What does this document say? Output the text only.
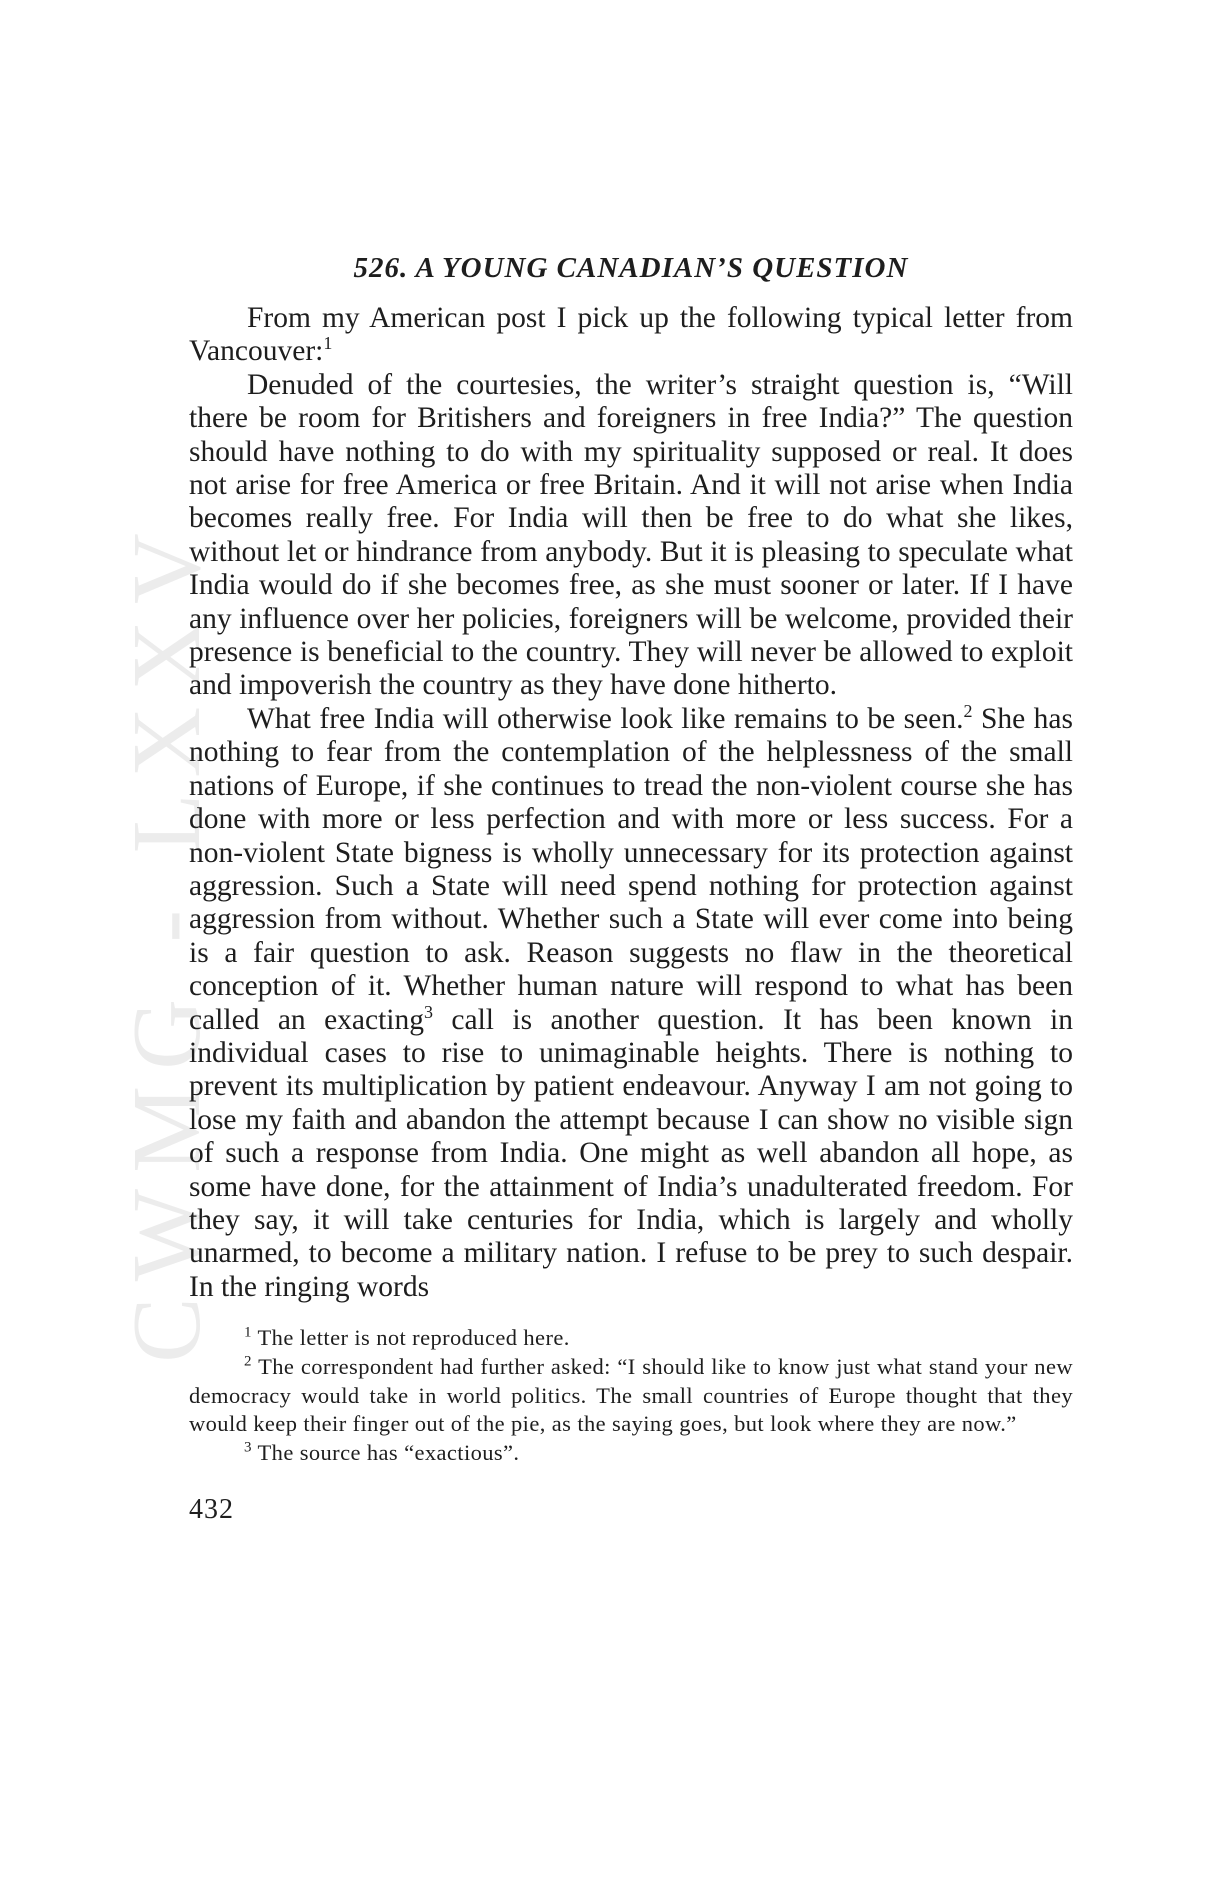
CWMG - LXXV
526. A YOUNG CANADIAN’S QUESTION

From my American post I pick up the following typical letter from Vancouver:$^1$

Denuded of the courtesies, the writer’s straight question is, “Will there be room for Britishers and foreigners in free India?” The question should have nothing to do with my spirituality supposed or real. It does not arise for free America or free Britain. And it will not arise when India becomes really free. For India will then be free to do what she likes, without let or hindrance from anybody. But it is pleasing to speculate what India would do if she becomes free, as she must sooner or later. If I have any influence over her policies, foreigners will be welcome, provided their presence is beneficial to the country. They will never be allowed to exploit and impoverish the country as they have done hitherto.

What free India will otherwise look like remains to be seen.$^2$ She has nothing to fear from the contemplation of the helplessness of the small nations of Europe, if she continues to tread the non-violent course she has done with more or less perfection and with more or less success. For a non-violent State bigness is wholly unnecessary for its protection against aggression. Such a State will need spend nothing for protection against aggression from without. Whether such a State will ever come into being is a fair question to ask. Reason suggests no flaw in the theoretical conception of it. Whether human nature will respond to what has been called an exacting$^3$ call is another question. It has been known in individual cases to rise to unimaginable heights. There is nothing to prevent its multiplication by patient endeavour. Anyway I am not going to lose my faith and abandon the attempt because I can show no visible sign of such a response from India. One might as well abandon all hope, as some have done, for the attainment of India’s unadulterated freedom. For they say, it will take centuries for India, which is largely and wholly unarmed, to become a military nation. I refuse to be prey to such despair. In the ringing words

$^1$ The letter is not reproduced here.

$^2$ The correspondent had further asked: “I should like to know just what stand your new democracy would take in world politics. The small countries of Europe thought that they would keep their finger out of the pie, as the saying goes, but look where they are now.”

$^3$ The source has “exactious”.

432
